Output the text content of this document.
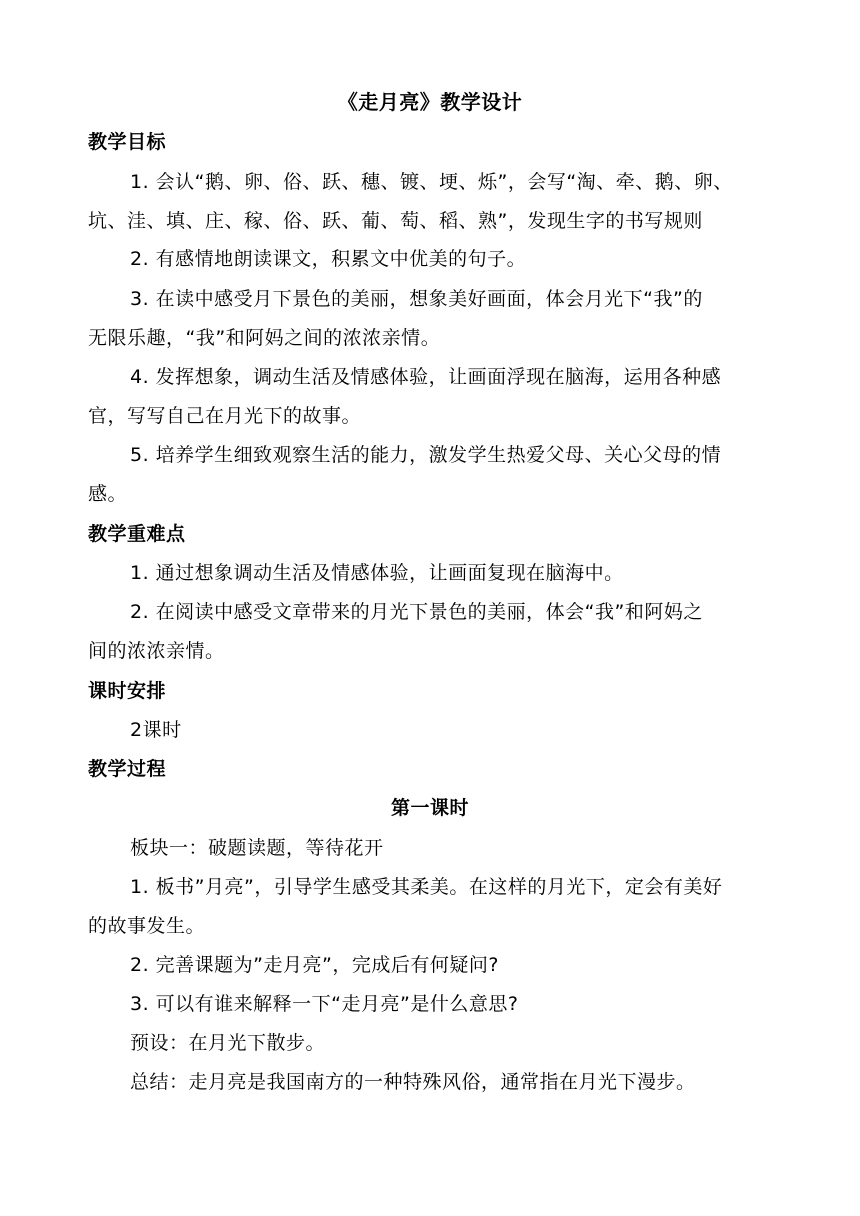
《走月亮》教学设计
教学目标
1. 会认“鹅、卵、俗、跃、穗、镀、埂、烁”，会写“淘、牵、鹅、卵、
坑、洼、填、庄、稼、俗、跃、葡、萄、稻、熟”，发现生字的书写规则
2. 有感情地朗读课文，积累文中优美的句子。
3. 在读中感受月下景色的美丽，想象美好画面，体会月光下“我”的
无限乐趣，“我”和阿妈之间的浓浓亲情。
4. 发挥想象，调动生活及情感体验，让画面浮现在脑海，运用各种感
官，写写自己在月光下的故事。
5. 培养学生细致观察生活的能力，激发学生热爱父母、关心父母的情
感。
教学重难点
1. 通过想象调动生活及情感体验，让画面复现在脑海中。
2. 在阅读中感受文章带来的月光下景色的美丽，体会“我”和阿妈之
间的浓浓亲情。
课时安排
2课时
教学过程
第一课时
板块一：破题读题，等待花开
1. 板书”月亮”，引导学生感受其柔美。在这样的月光下，定会有美好
的故事发生。
2. 完善课题为”走月亮”，完成后有何疑问?
3. 可以有谁来解释一下“走月亮”是什么意思?
预设：在月光下散步。
总结：走月亮是我国南方的一种特殊风俗，通常指在月光下漫步。
